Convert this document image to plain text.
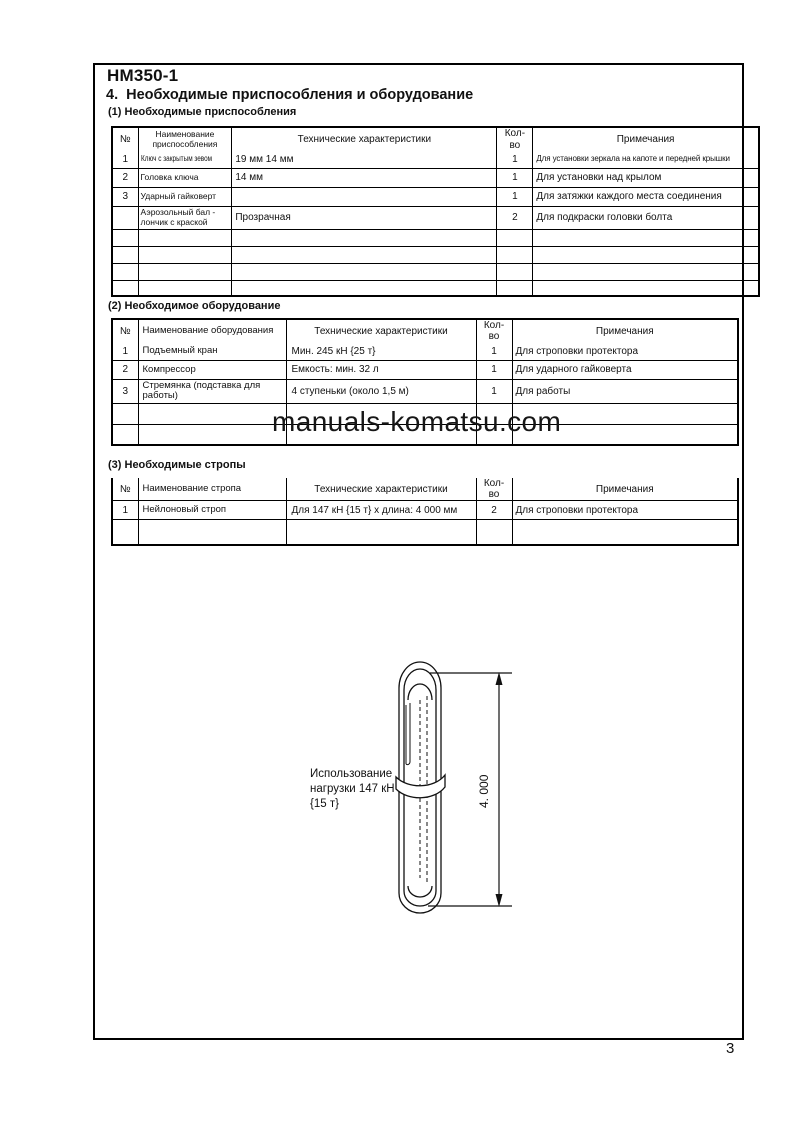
HM350-1
4.  Необходимые приспособления и оборудование
(1) Необходимые приспособления
№	Наименование приспособления	Технические характеристики	Кол-во	Примечания
1	Ключ с закрытым зевом	19 мм 14 мм	1	Для установки зеркала на капоте и передней крышки
2	Головка ключа	14 мм	1	Для установки над крылом
3	Ударный гайковерт		1	Для затяжки каждого места соединения
	Аэрозольный бал - лончик с краской	Прозрачная	2	Для подкраски головки болта

(2) Необходимое оборудование
№	Наименование оборудования	Технические характеристики	Кол-во	Примечания
1	Подъемный кран	Мин. 245 кН {25 т}	1	Для строповки протектора
2	Компрессор	Емкость: мин. 32 л	1	Для ударного гайковерта
3	Стремянка (подставка для работы)	4 ступеньки (около 1,5 м)	1	Для работы

manuals-komatsu.com
(3) Необходимые стропы
№	Наименование стропа	Технические характеристики	Кол-во	Примечания
1	Нейлоновый строп	Для 147 кН {15 т} х длина: 4 000 мм	2	Для строповки протектора

4. 000
Использование
нагрузки 147 кН
{15 т}
3
